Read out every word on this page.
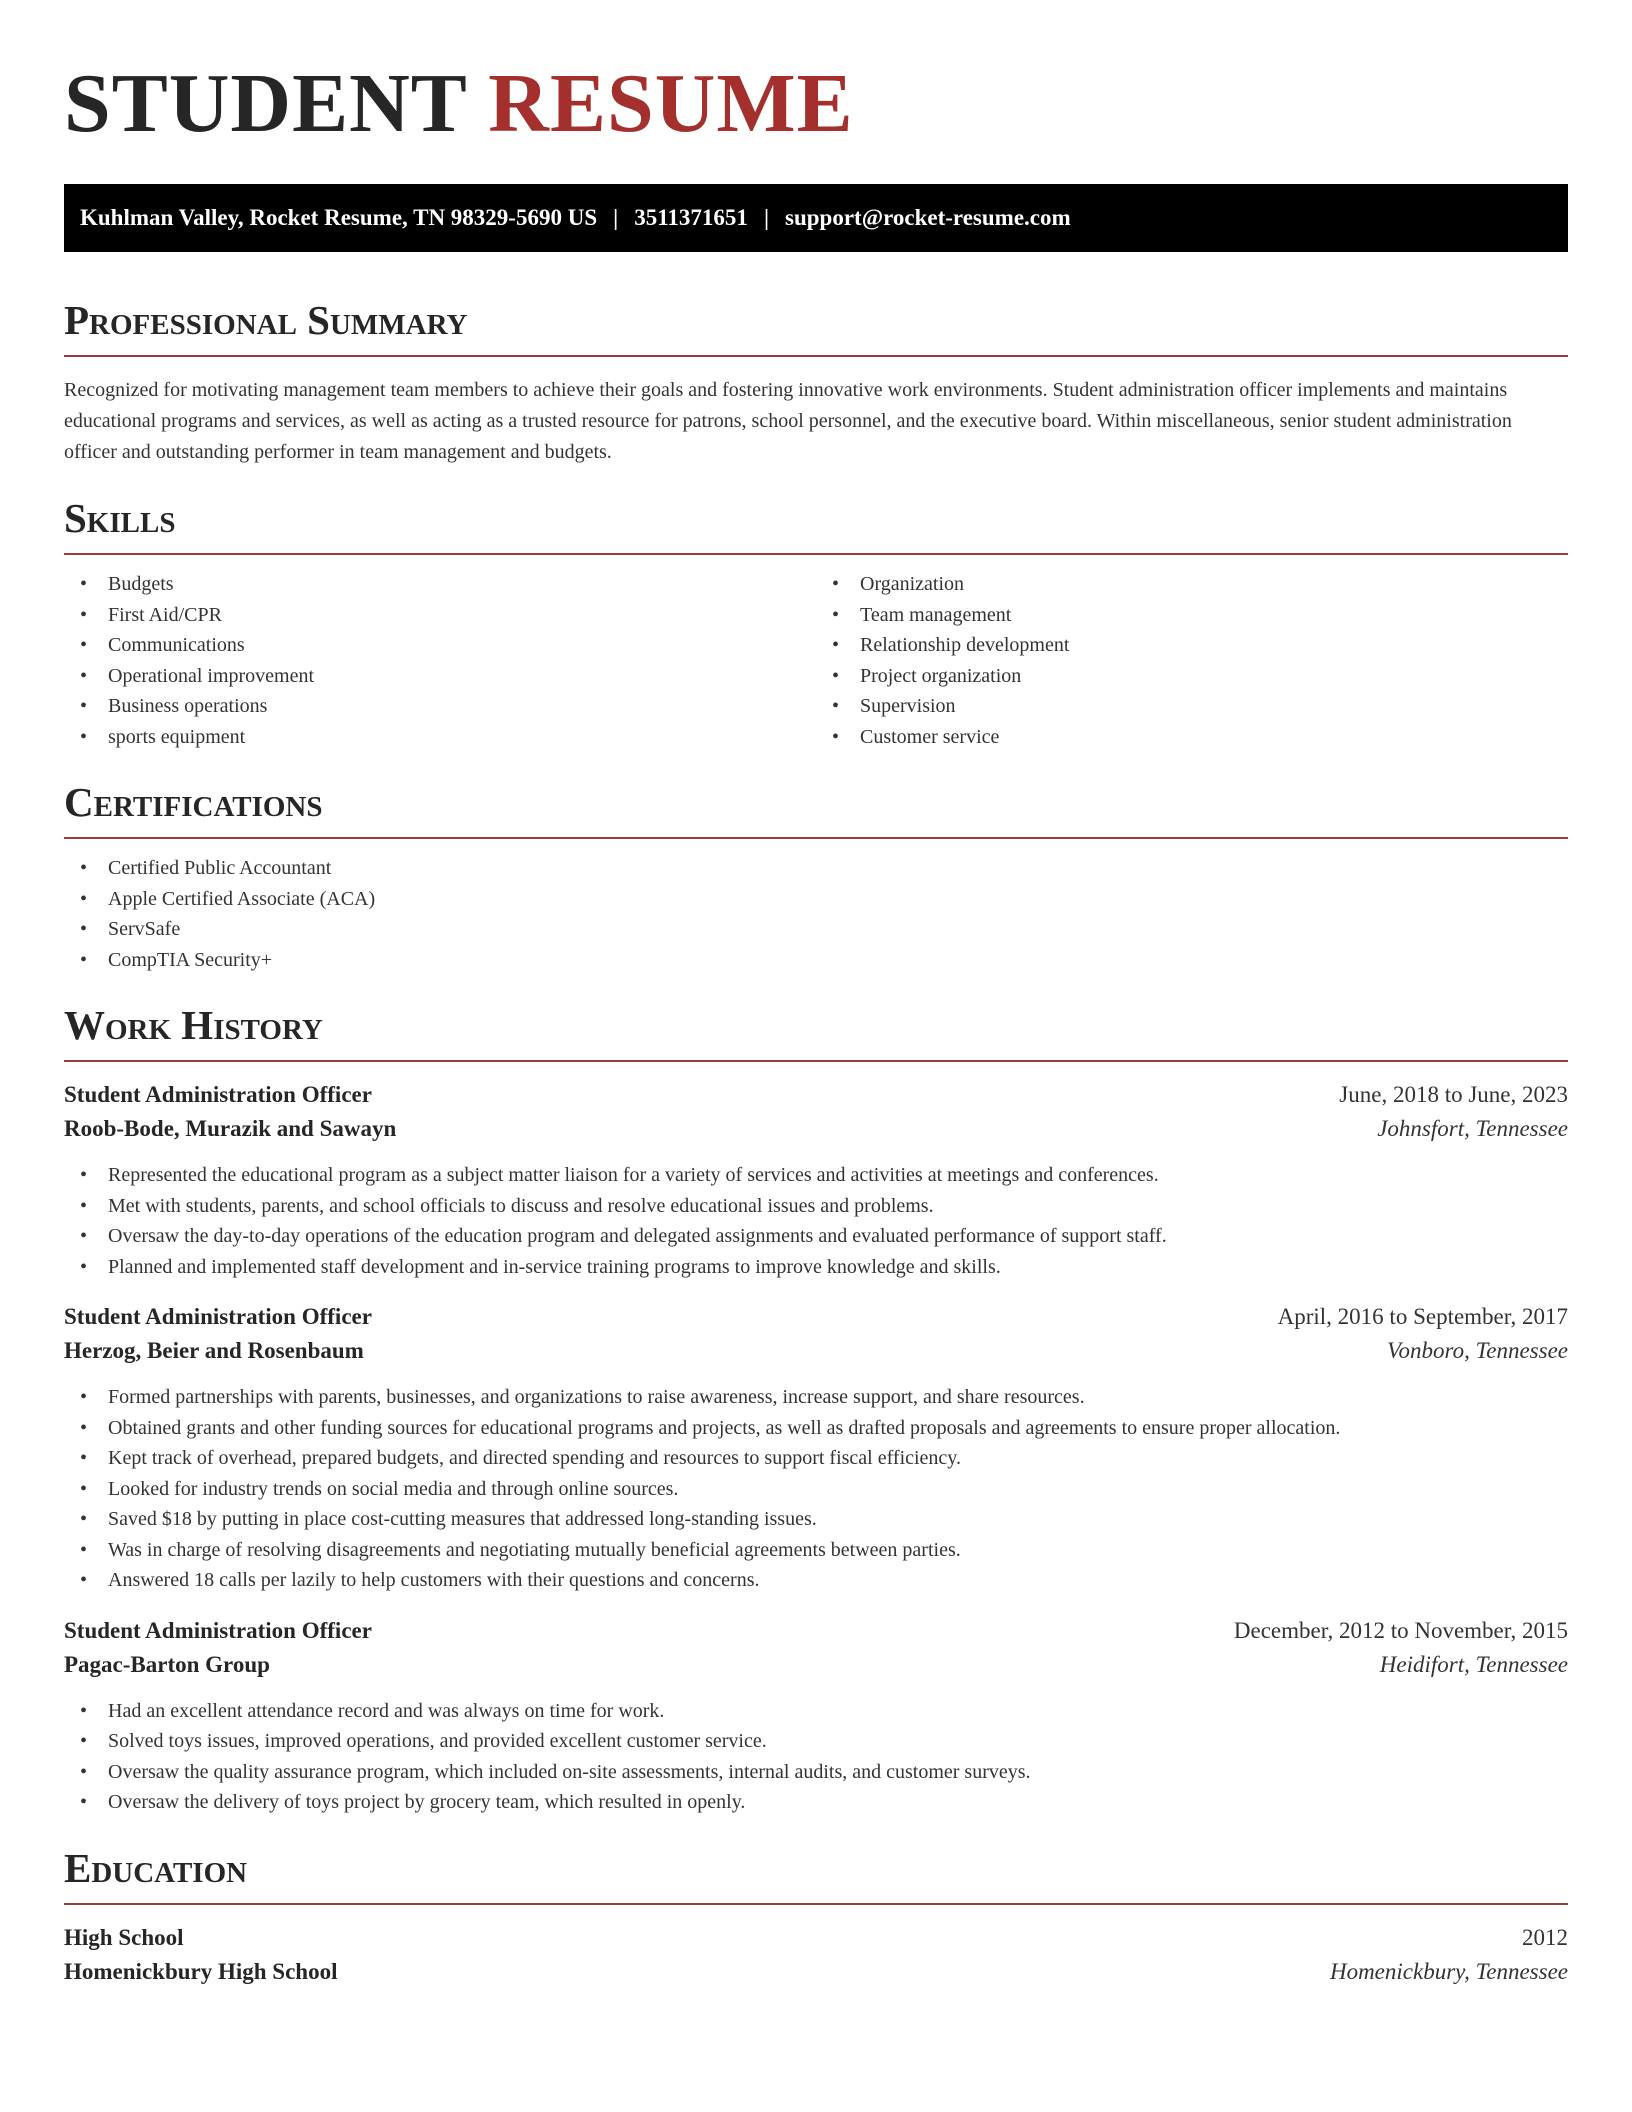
STUDENT RESUME
Kuhlman Valley, Rocket Resume, TN 98329-5690 US | 3511371651 | support@rocket-resume.com
Professional Summary

Recognized for motivating management team members to achieve their goals and fostering innovative work environments. Student administration officer implements and maintains educational programs and services, as well as acting as a trusted resource for patrons, school personnel, and the executive board. Within miscellaneous, senior student administration officer and outstanding performer in team management and budgets.

Skills
• Budgets
• First Aid/CPR
• Communications
• Operational improvement
• Business operations
• sports equipment
• Organization
• Team management
• Relationship development
• Project organization
• Supervision
• Customer service
Certifications
• Certified Public Accountant
• Apple Certified Associate (ACA)
• ServSafe
• CompTIA Security+
Work History
Student Administration Officer	June, 2018 to June, 2023
Roob-Bode, Murazik and Sawayn	Johnsfort, Tennessee
• Represented the educational program as a subject matter liaison for a variety of services and activities at meetings and conferences.
• Met with students, parents, and school officials to discuss and resolve educational issues and problems.
• Oversaw the day-to-day operations of the education program and delegated assignments and evaluated performance of support staff.
• Planned and implemented staff development and in-service training programs to improve knowledge and skills.
Student Administration Officer	April, 2016 to September, 2017
Herzog, Beier and Rosenbaum	Vonboro, Tennessee
• Formed partnerships with parents, businesses, and organizations to raise awareness, increase support, and share resources.
• Obtained grants and other funding sources for educational programs and projects, as well as drafted proposals and agreements to ensure proper allocation.
• Kept track of overhead, prepared budgets, and directed spending and resources to support fiscal efficiency.
• Looked for industry trends on social media and through online sources.
• Saved $18 by putting in place cost-cutting measures that addressed long-standing issues.
• Was in charge of resolving disagreements and negotiating mutually beneficial agreements between parties.
• Answered 18 calls per lazily to help customers with their questions and concerns.
Student Administration Officer	December, 2012 to November, 2015
Pagac-Barton Group	Heidifort, Tennessee
• Had an excellent attendance record and was always on time for work.
• Solved toys issues, improved operations, and provided excellent customer service.
• Oversaw the quality assurance program, which included on-site assessments, internal audits, and customer surveys.
• Oversaw the delivery of toys project by grocery team, which resulted in openly.
Education
High School	2012
Homenickbury High School	Homenickbury, Tennessee
